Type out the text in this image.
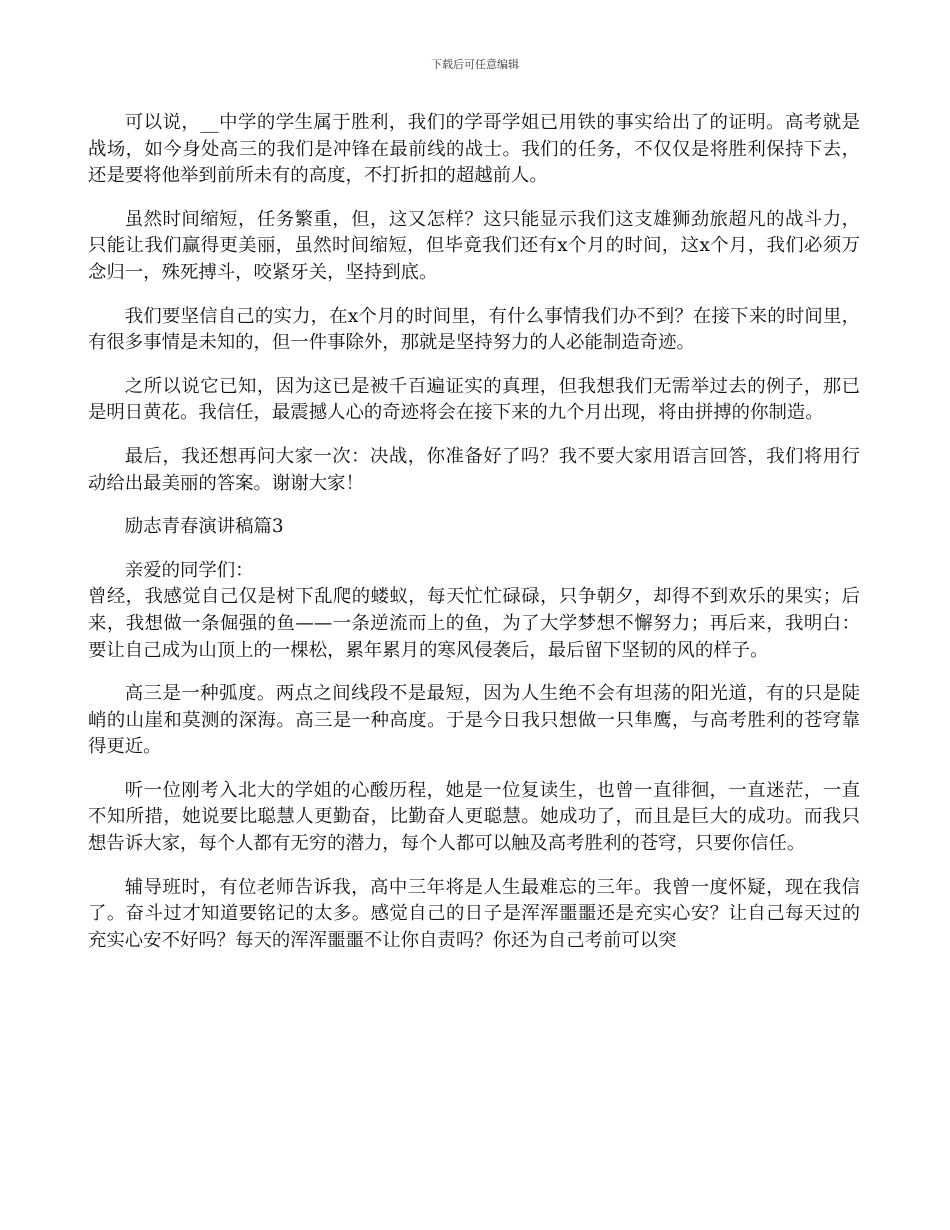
下载后可任意编辑

可以说，__中学的学生属于胜利，我们的学哥学姐已用铁的事实给出了的证明。高考就是战场，如今身处高三的我们是冲锋在最前线的战士。我们的任务，不仅仅是将胜利保持下去，还是要将他举到前所未有的高度，不打折扣的超越前人。

虽然时间缩短，任务繁重，但，这又怎样？这只能显示我们这支雄狮劲旅超凡的战斗力，只能让我们赢得更美丽，虽然时间缩短，但毕竟我们还有x个月的时间，这x个月，我们必须万念归一，殊死搏斗，咬紧牙关，坚持到底。

我们要坚信自己的实力，在x个月的时间里，有什么事情我们办不到？在接下来的时间里，有很多事情是未知的，但一件事除外，那就是坚持努力的人必能制造奇迹。

之所以说它已知，因为这已是被千百遍证实的真理，但我想我们无需举过去的例子，那已是明日黄花。我信任，最震撼人心的奇迹将会在接下来的九个月出现，将由拼搏的你制造。

最后，我还想再问大家一次：决战，你准备好了吗？我不要大家用语言回答，我们将用行动给出最美丽的答案。谢谢大家！

励志青春演讲稿篇3

亲爱的同学们：

曾经，我感觉自己仅是树下乱爬的蝼蚁，每天忙忙碌碌，只争朝夕，却得不到欢乐的果实；后来，我想做一条倔强的鱼——一条逆流而上的鱼，为了大学梦想不懈努力；再后来，我明白：要让自己成为山顶上的一棵松，累年累月的寒风侵袭后，最后留下坚韧的风的样子。

高三是一种弧度。两点之间线段不是最短，因为人生绝不会有坦荡的阳光道，有的只是陡峭的山崖和莫测的深海。高三是一种高度。于是今日我只想做一只隼鹰，与高考胜利的苍穹靠得更近。

听一位刚考入北大的学姐的心酸历程，她是一位复读生，也曾一直徘徊，一直迷茫，一直不知所措，她说要比聪慧人更勤奋，比勤奋人更聪慧。她成功了，而且是巨大的成功。而我只想告诉大家，每个人都有无穷的潜力，每个人都可以触及高考胜利的苍穹，只要你信任。

辅导班时，有位老师告诉我，高中三年将是人生最难忘的三年。我曾一度怀疑，现在我信了。奋斗过才知道要铭记的太多。感觉自己的日子是浑浑噩噩还是充实心安？让自己每天过的充实心安不好吗？每天的浑浑噩噩不让你自责吗？你还为自己考前可以突
